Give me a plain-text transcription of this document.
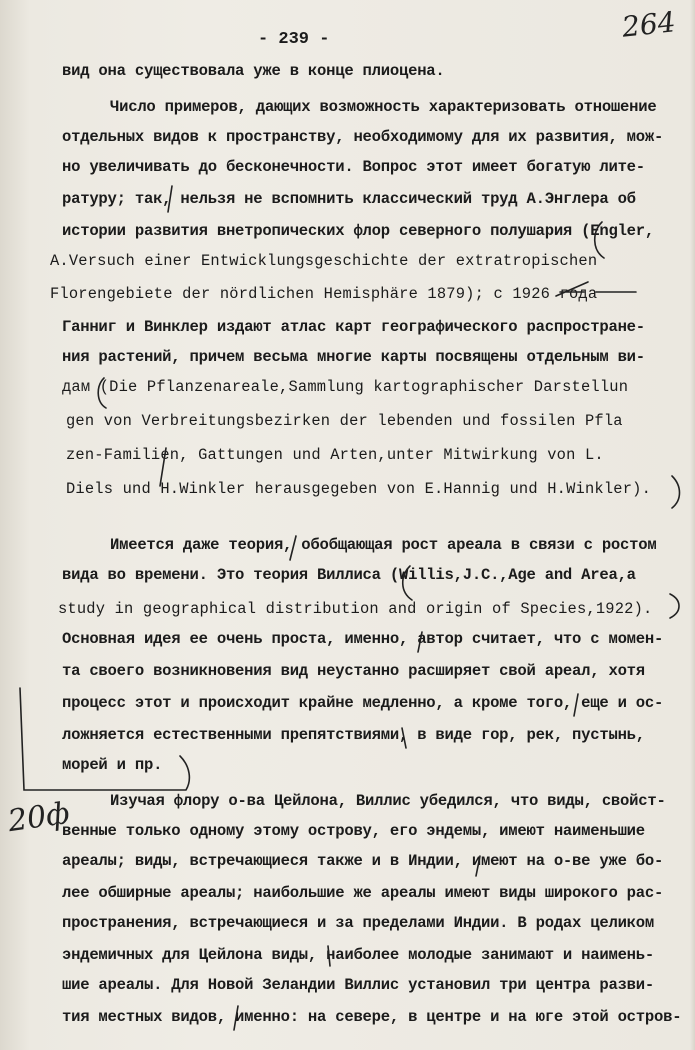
- 239 -	264
вид она существовала уже в конце плиоцена.
Число примеров, дающих возможность характеризовать отношение
отдельных видов к пространству, необходимому для их развития, мож-
но увеличивать до бесконечности. Вопрос этот имеет богатую лите-
ратуру; так, нельзя не вспомнить классический труд А.Энглера об
истории развития внетропических флор северного полушария (Engler,
A.Versuch einer Entwicklungsgeschichte der extratropischen
Florengebiete der nördlichen Hemisphäre 1879); с 1926 года
Ганниг и Винклер издают атлас карт географического распростране-
ния растений, причем весьма многие карты посвящены отдельным ви-
дам (Die Pflanzenareale,Sammlung kartographischer Darstellun
gen von Verbreitungsbezirken der lebenden und fossilen Pfla
zen-Familien, Gattungen und Arten,unter Mitwirkung von L.
Diels und H.Winkler herausgegeben von E.Hannig und H.Winkler).
Имеется даже теория, обобщающая рост ареала в связи с ростом
вида во времени. Это теория Виллиса (Willis,J.C.,Age and Area,a
study in geographical distribution and origin of Species,1922).
Основная идея ее очень проста, именно, автор считает, что с момен-
та своего возникновения вид неустанно расширяет свой ареал, хотя
процесс этот и происходит крайне медленно, а кроме того, еще и ос-
ложняется естественными препятствиями, в виде гор, рек, пустынь,
морей и пр.
Изучая флору о-ва Цейлона, Виллис убедился, что виды, свойст-
венные только одному этому острову, его эндемы, имеют наименьшие
ареалы; виды, встречающиеся также и в Индии, имеют на о-ве уже бо-
лее обширные ареалы; наибольшие же ареалы имеют виды широкого рас-
пространения, встречающиеся и за пределами Индии. В родах целиком
эндемичных для Цейлона виды, наиболее молодые занимают и наимень-
шие ареалы. Для Новой Зеландии Виллис установил три центра разви-
тия местных видов, именно: на севере, в центре и на юге этой остров-
20ф
